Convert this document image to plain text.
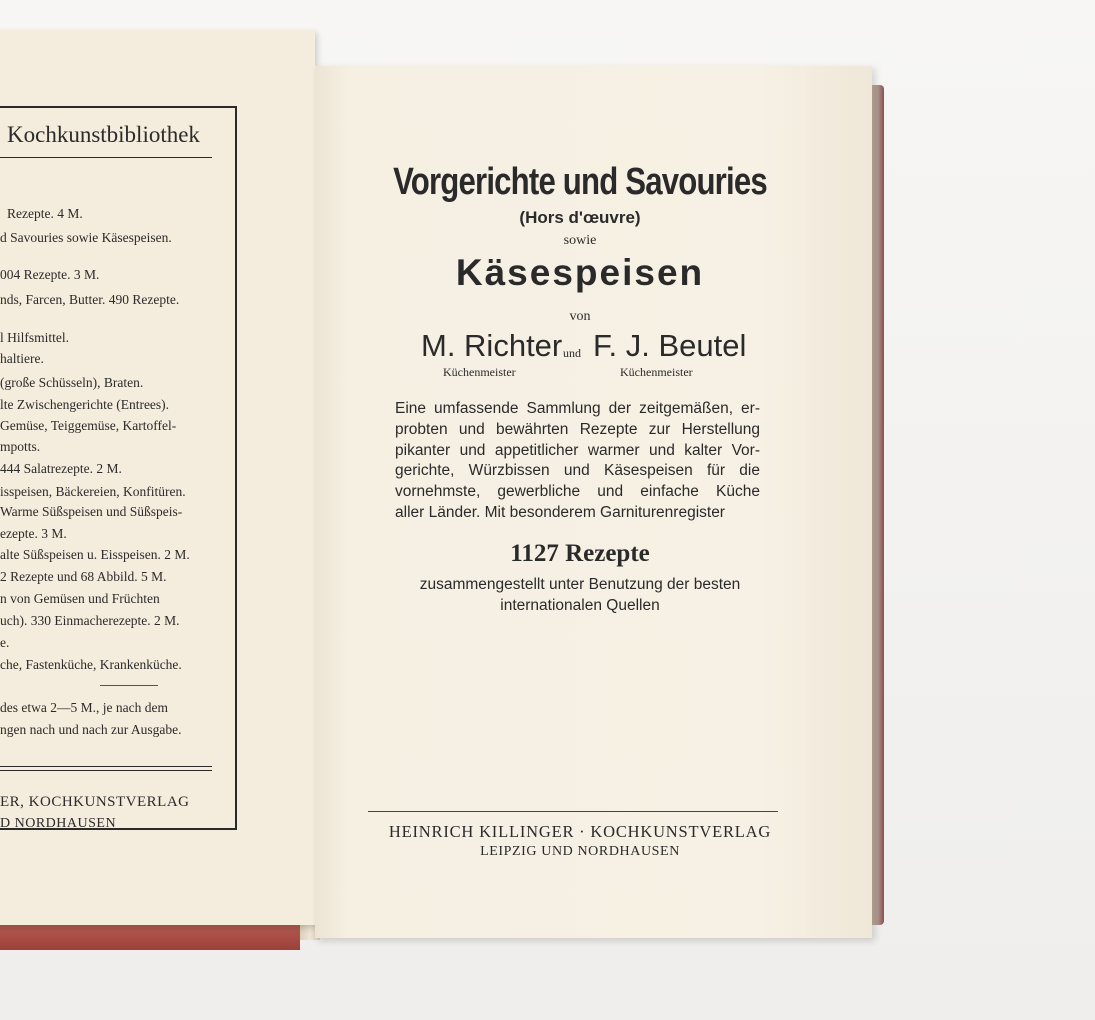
Kochkunstbibliothek
Rezepte. 4 M.
d Savouries sowie Käsespeisen.
004 Rezepte. 3 M.
nds, Farcen, Butter. 490 Rezepte.
l Hilfsmittel.
haltiere.
(große Schüsseln), Braten.
lte Zwischengerichte (Entrees).
Gemüse, Teiggemüse, Kartoffel-
mpotts.
444 Salatrezepte. 2 M.
isspeisen, Bäckereien, Konfitüren.
Warme Süßspeisen und Süßspeis-
ezepte. 3 M.
alte Süßspeisen u. Eisspeisen. 2 M.
2 Rezepte und 68 Abbild. 5 M.
n von Gemüsen und Früchten
uch). 330 Einmacherezepte. 2 M.
e.
che, Fastenküche, Krankenküche.
des etwa 2—5 M., je nach dem
ngen nach und nach zur Ausgabe.
ER, KOCHKUNSTVERLAG
D NORDHAUSEN
Vorgerichte und Savouries
(Hors d'œuvre)
sowie
Käsespeisen
von
M. Richter und F. J. Beutel
Küchenmeister	Küchenmeister
Eine umfassende Sammlung der zeitgemäßen, er-
probten und bewährten Rezepte zur Herstellung
pikanter und appetitlicher warmer und kalter Vor-
gerichte, Würzbissen und Käsespeisen für die
vornehmste, gewerbliche und einfache Küche
aller Länder. Mit besonderem Garniturenregister
1127 Rezepte
zusammengestellt unter Benutzung der besten
internationalen Quellen
HEINRICH KILLINGER · KOCHKUNSTVERLAG
LEIPZIG UND NORDHAUSEN
